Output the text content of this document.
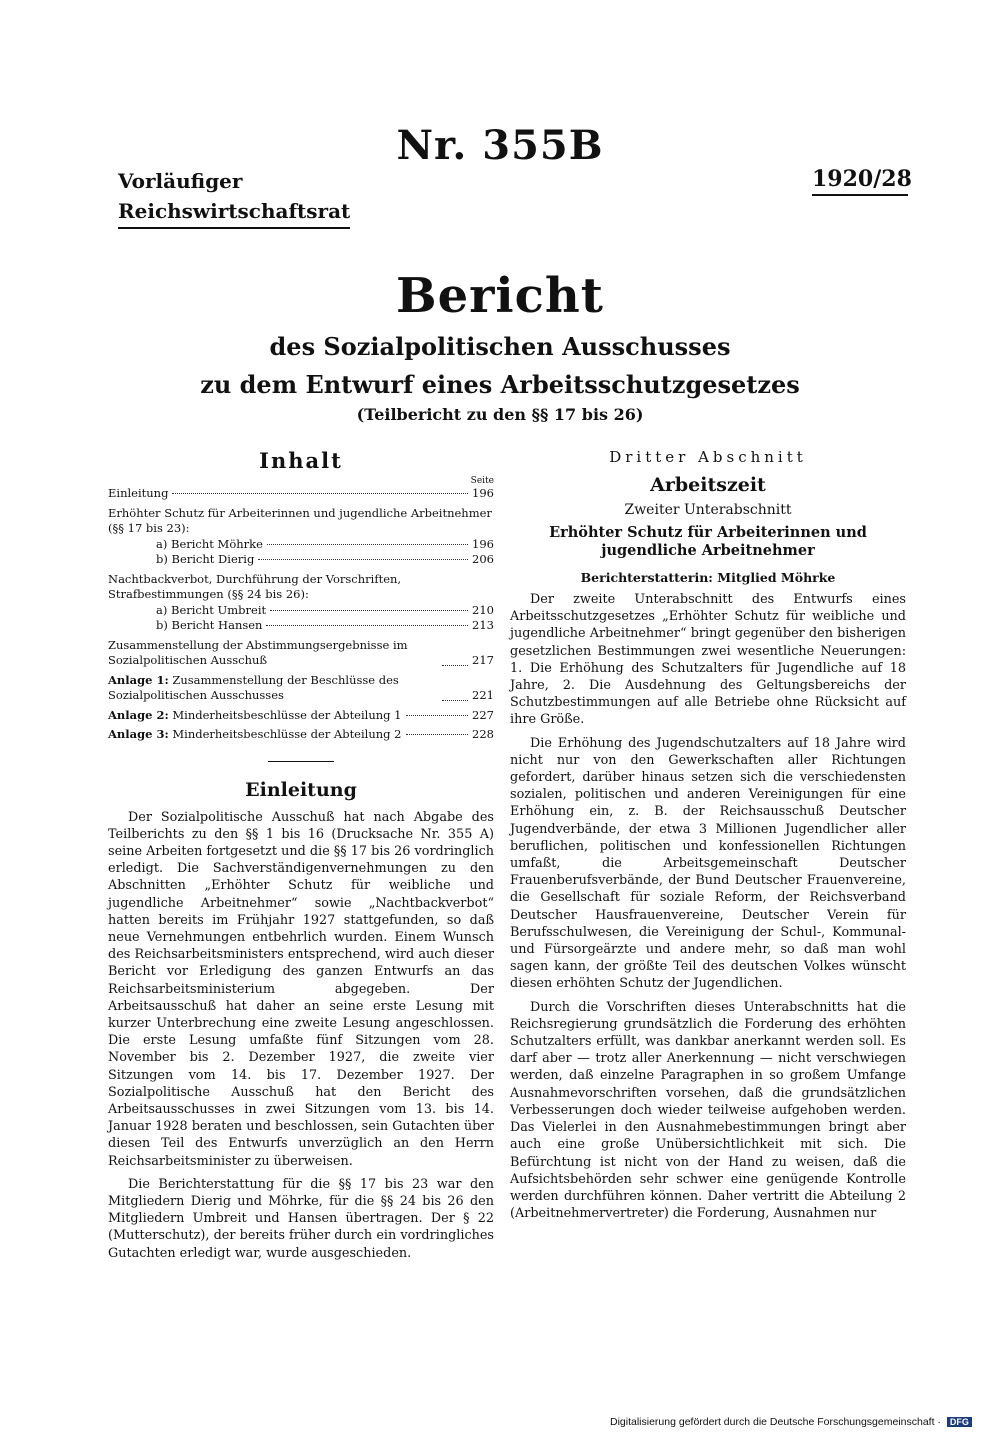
Nr. 355B
Vorläufiger
Reichswirtschaftsrat
1920/28
Bericht
des Sozialpolitischen Ausschusses
zu dem Entwurf eines Arbeitsschutzgesetzes
(Teilbericht zu den §§ 17 bis 26)
Inhalt
Seite
Einleitung	196
Erhöhter Schutz für Arbeiterinnen und jugendliche Arbeitnehmer (§§ 17 bis 23):
a) Bericht Möhrke	196
b) Bericht Dierig	206
Nachtbackverbot, Durchführung der Vorschriften, Strafbestimmungen (§§ 24 bis 26):
a) Bericht Umbreit	210
b) Bericht Hansen	213
Zusammenstellung der Abstimmungsergebnisse im Sozialpolitischen Ausschuß	217
Anlage 1: Zusammenstellung der Beschlüsse des Sozialpolitischen Ausschusses	221
Anlage 2: Minderheitsbeschlüsse der Abteilung 1	227
Anlage 3: Minderheitsbeschlüsse der Abteilung 2	228
Einleitung

Der Sozialpolitische Ausschuß hat nach Abgabe des Teilberichts zu den §§ 1 bis 16 (Drucksache Nr. 355 A) seine Arbeiten fortgesetzt und die §§ 17 bis 26 vordringlich erledigt. Die Sachverständigenvernehmungen zu den Abschnitten „Erhöhter Schutz für weibliche und jugendliche Arbeitnehmer“ sowie „Nachtbackverbot“ hatten bereits im Frühjahr 1927 stattgefunden, so daß neue Vernehmungen entbehrlich wurden. Einem Wunsch des Reichsarbeitsministers entsprechend, wird auch dieser Bericht vor Erledigung des ganzen Entwurfs an das Reichsarbeitsministerium abgegeben. Der Arbeitsausschuß hat daher an seine erste Lesung mit kurzer Unterbrechung eine zweite Lesung angeschlossen. Die erste Lesung umfaßte fünf Sitzungen vom 28. November bis 2. Dezember 1927, die zweite vier Sitzungen vom 14. bis 17. Dezember 1927. Der Sozialpolitische Ausschuß hat den Bericht des Arbeitsausschusses in zwei Sitzungen vom 13. bis 14. Januar 1928 beraten und beschlossen, sein Gutachten über diesen Teil des Entwurfs unverzüglich an den Herrn Reichsarbeitsminister zu überweisen.

Die Berichterstattung für die §§ 17 bis 23 war den Mitgliedern Dierig und Möhrke, für die §§ 24 bis 26 den Mitgliedern Umbreit und Hansen übertragen. Der § 22 (Mutterschutz), der bereits früher durch ein vordringliches Gutachten erledigt war, wurde ausgeschieden.

Dritter Abschnitt
Arbeitszeit
Zweiter Unterabschnitt
Erhöhter Schutz für Arbeiterinnen und jugendliche Arbeitnehmer
Berichterstatterin: Mitglied Möhrke

Der zweite Unterabschnitt des Entwurfs eines Arbeitsschutzgesetzes „Erhöhter Schutz für weibliche und jugendliche Arbeitnehmer“ bringt gegenüber den bisherigen gesetzlichen Bestimmungen zwei wesentliche Neuerungen: 1. Die Erhöhung des Schutzalters für Jugendliche auf 18 Jahre, 2. Die Ausdehnung des Geltungsbereichs der Schutzbestimmungen auf alle Betriebe ohne Rücksicht auf ihre Größe.

Die Erhöhung des Jugendschutzalters auf 18 Jahre wird nicht nur von den Gewerkschaften aller Richtungen gefordert, darüber hinaus setzen sich die verschiedensten sozialen, politischen und anderen Vereinigungen für eine Erhöhung ein, z. B. der Reichsausschuß Deutscher Jugendverbände, der etwa 3 Millionen Jugendlicher aller beruflichen, politischen und konfessionellen Richtungen umfaßt, die Arbeitsgemeinschaft Deutscher Frauenberufsverbände, der Bund Deutscher Frauenvereine, die Gesellschaft für soziale Reform, der Reichsverband Deutscher Hausfrauenvereine, Deutscher Verein für Berufsschulwesen, die Vereinigung der Schul-, Kommunal- und Fürsorgeärzte und andere mehr, so daß man wohl sagen kann, der größte Teil des deutschen Volkes wünscht diesen erhöhten Schutz der Jugendlichen.

Durch die Vorschriften dieses Unterabschnitts hat die Reichsregierung grundsätzlich die Forderung des erhöhten Schutzalters erfüllt, was dankbar anerkannt werden soll. Es darf aber — trotz aller Anerkennung — nicht verschwiegen werden, daß einzelne Paragraphen in so großem Umfange Ausnahmevorschriften vorsehen, daß die grundsätzlichen Verbesserungen doch wieder teilweise aufgehoben werden. Das Vielerlei in den Ausnahmebestimmungen bringt aber auch eine große Unübersichtlichkeit mit sich. Die Befürchtung ist nicht von der Hand zu weisen, daß die Aufsichtsbehörden sehr schwer eine genügende Kontrolle werden durchführen können. Daher vertritt die Abteilung 2 (Arbeitnehmervertreter) die Forderung, Ausnahmen nur

Digitalisierung gefördert durch die Deutsche Forschungsgemeinschaft · DFG
